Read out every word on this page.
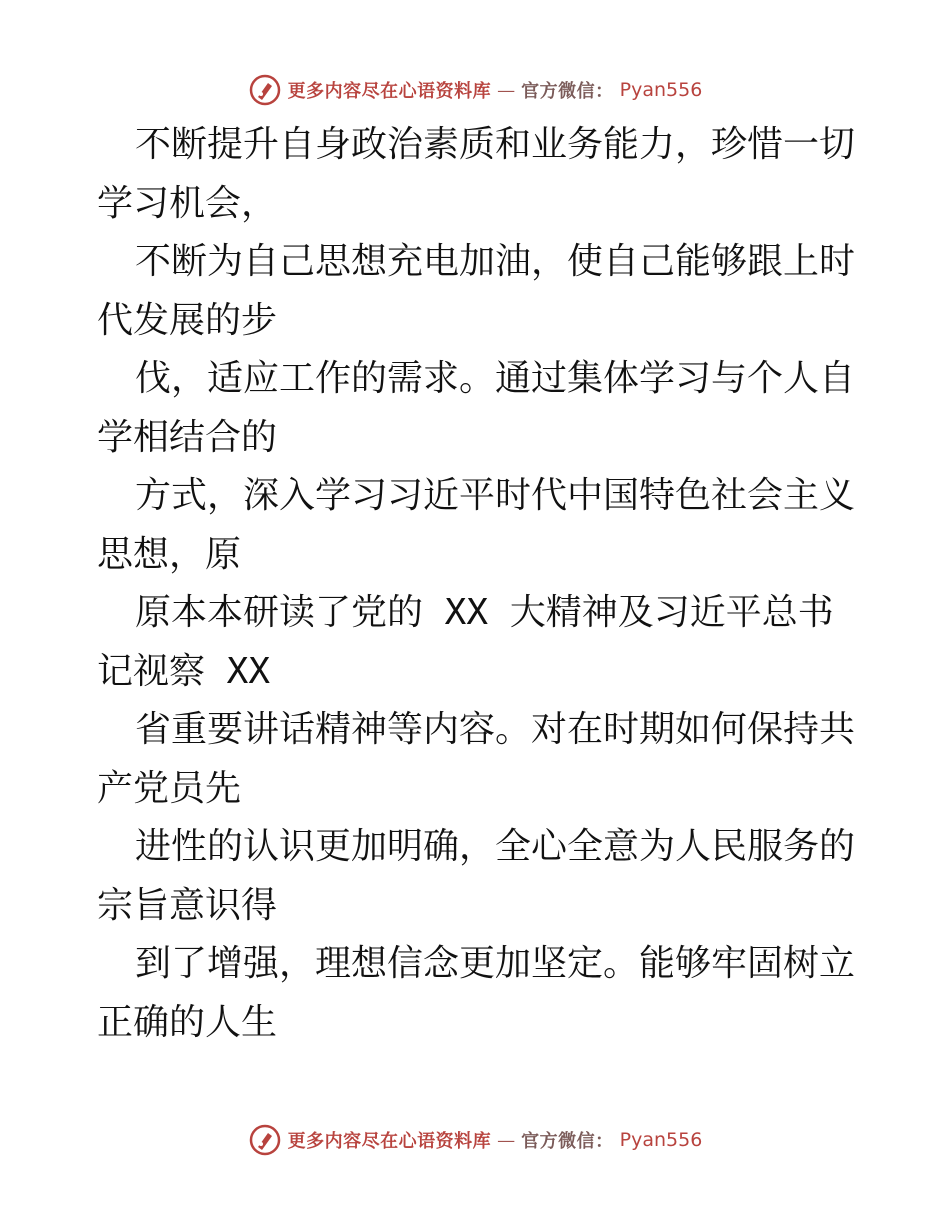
更多内容尽在心语资料库 — 官方微信： Pyan556

不断提升自身政治素质和业务能力，珍惜一切学习机会，

不断为自己思想充电加油，使自己能够跟上时代发展的步

伐，适应工作的需求。通过集体学习与个人自学相结合的

方式，深入学习习近平时代中国特色社会主义思想，原

原本本研读了党的 XX 大精神及习近平总书记视察 XX

省重要讲话精神等内容。对在时期如何保持共产党员先

进性的认识更加明确，全心全意为人民服务的宗旨意识得

到了增强，理想信念更加坚定。能够牢固树立正确的人生

更多内容尽在心语资料库 — 官方微信： Pyan556
